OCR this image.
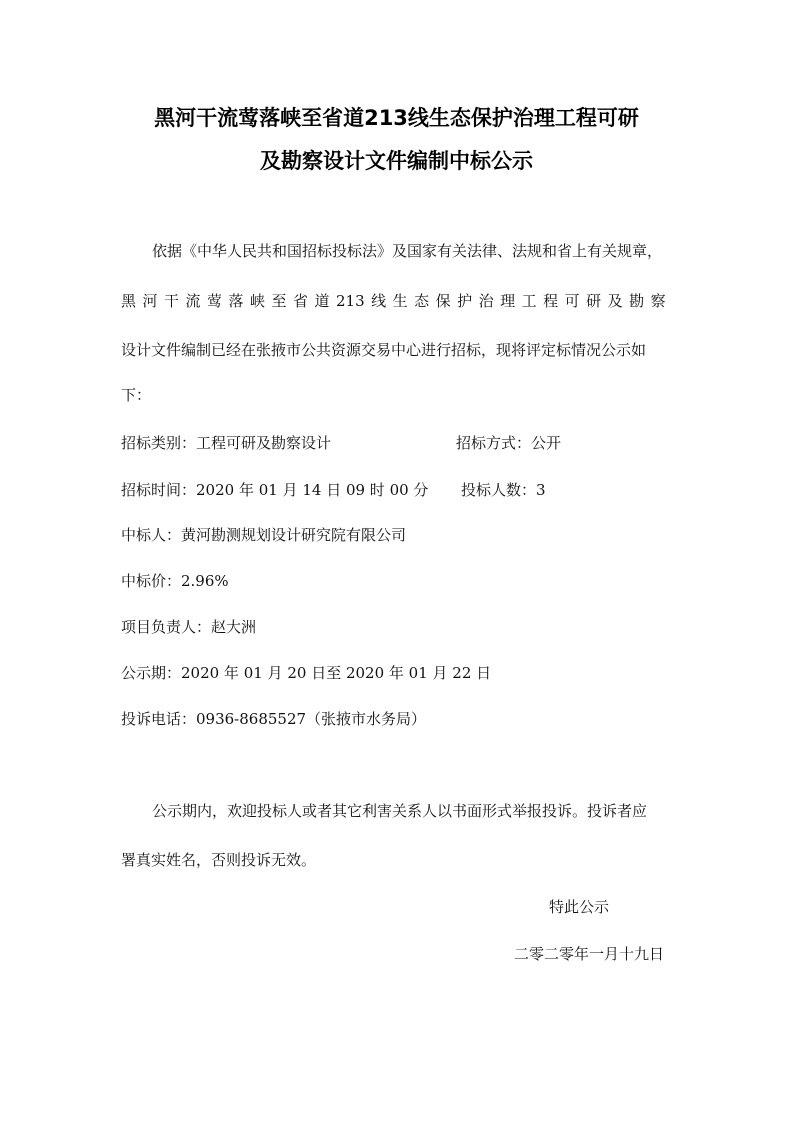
黑河干流莺落峡至省道213线生态保护治理工程可研
及勘察设计文件编制中标公示
依据《中华人民共和国招标投标法》及国家有关法律、法规和省上有关规章，
黑 河 干 流 莺 落 峡 至 省 道 213 线 生 态 保 护 治 理 工 程 可 研 及 勘 察
设计文件编制已经在张掖市公共资源交易中心进行招标，现将评定标情况公示如
下：
招标类别：工程可研及勘察设计	招标方式：公开
招标时间：2020 年 01 月 14 日 09 时 00 分 投标人数：3
中标人：黄河勘测规划设计研究院有限公司
中标价：2.96%
项目负责人：赵大洲
公示期：2020 年 01 月 20 日至 2020 年 01 月 22 日
投诉电话：0936-8685527（张掖市水务局）
公示期内，欢迎投标人或者其它利害关系人以书面形式举报投诉。投诉者应
署真实姓名，否则投诉无效。
特此公示
二零二零年一月十九日
